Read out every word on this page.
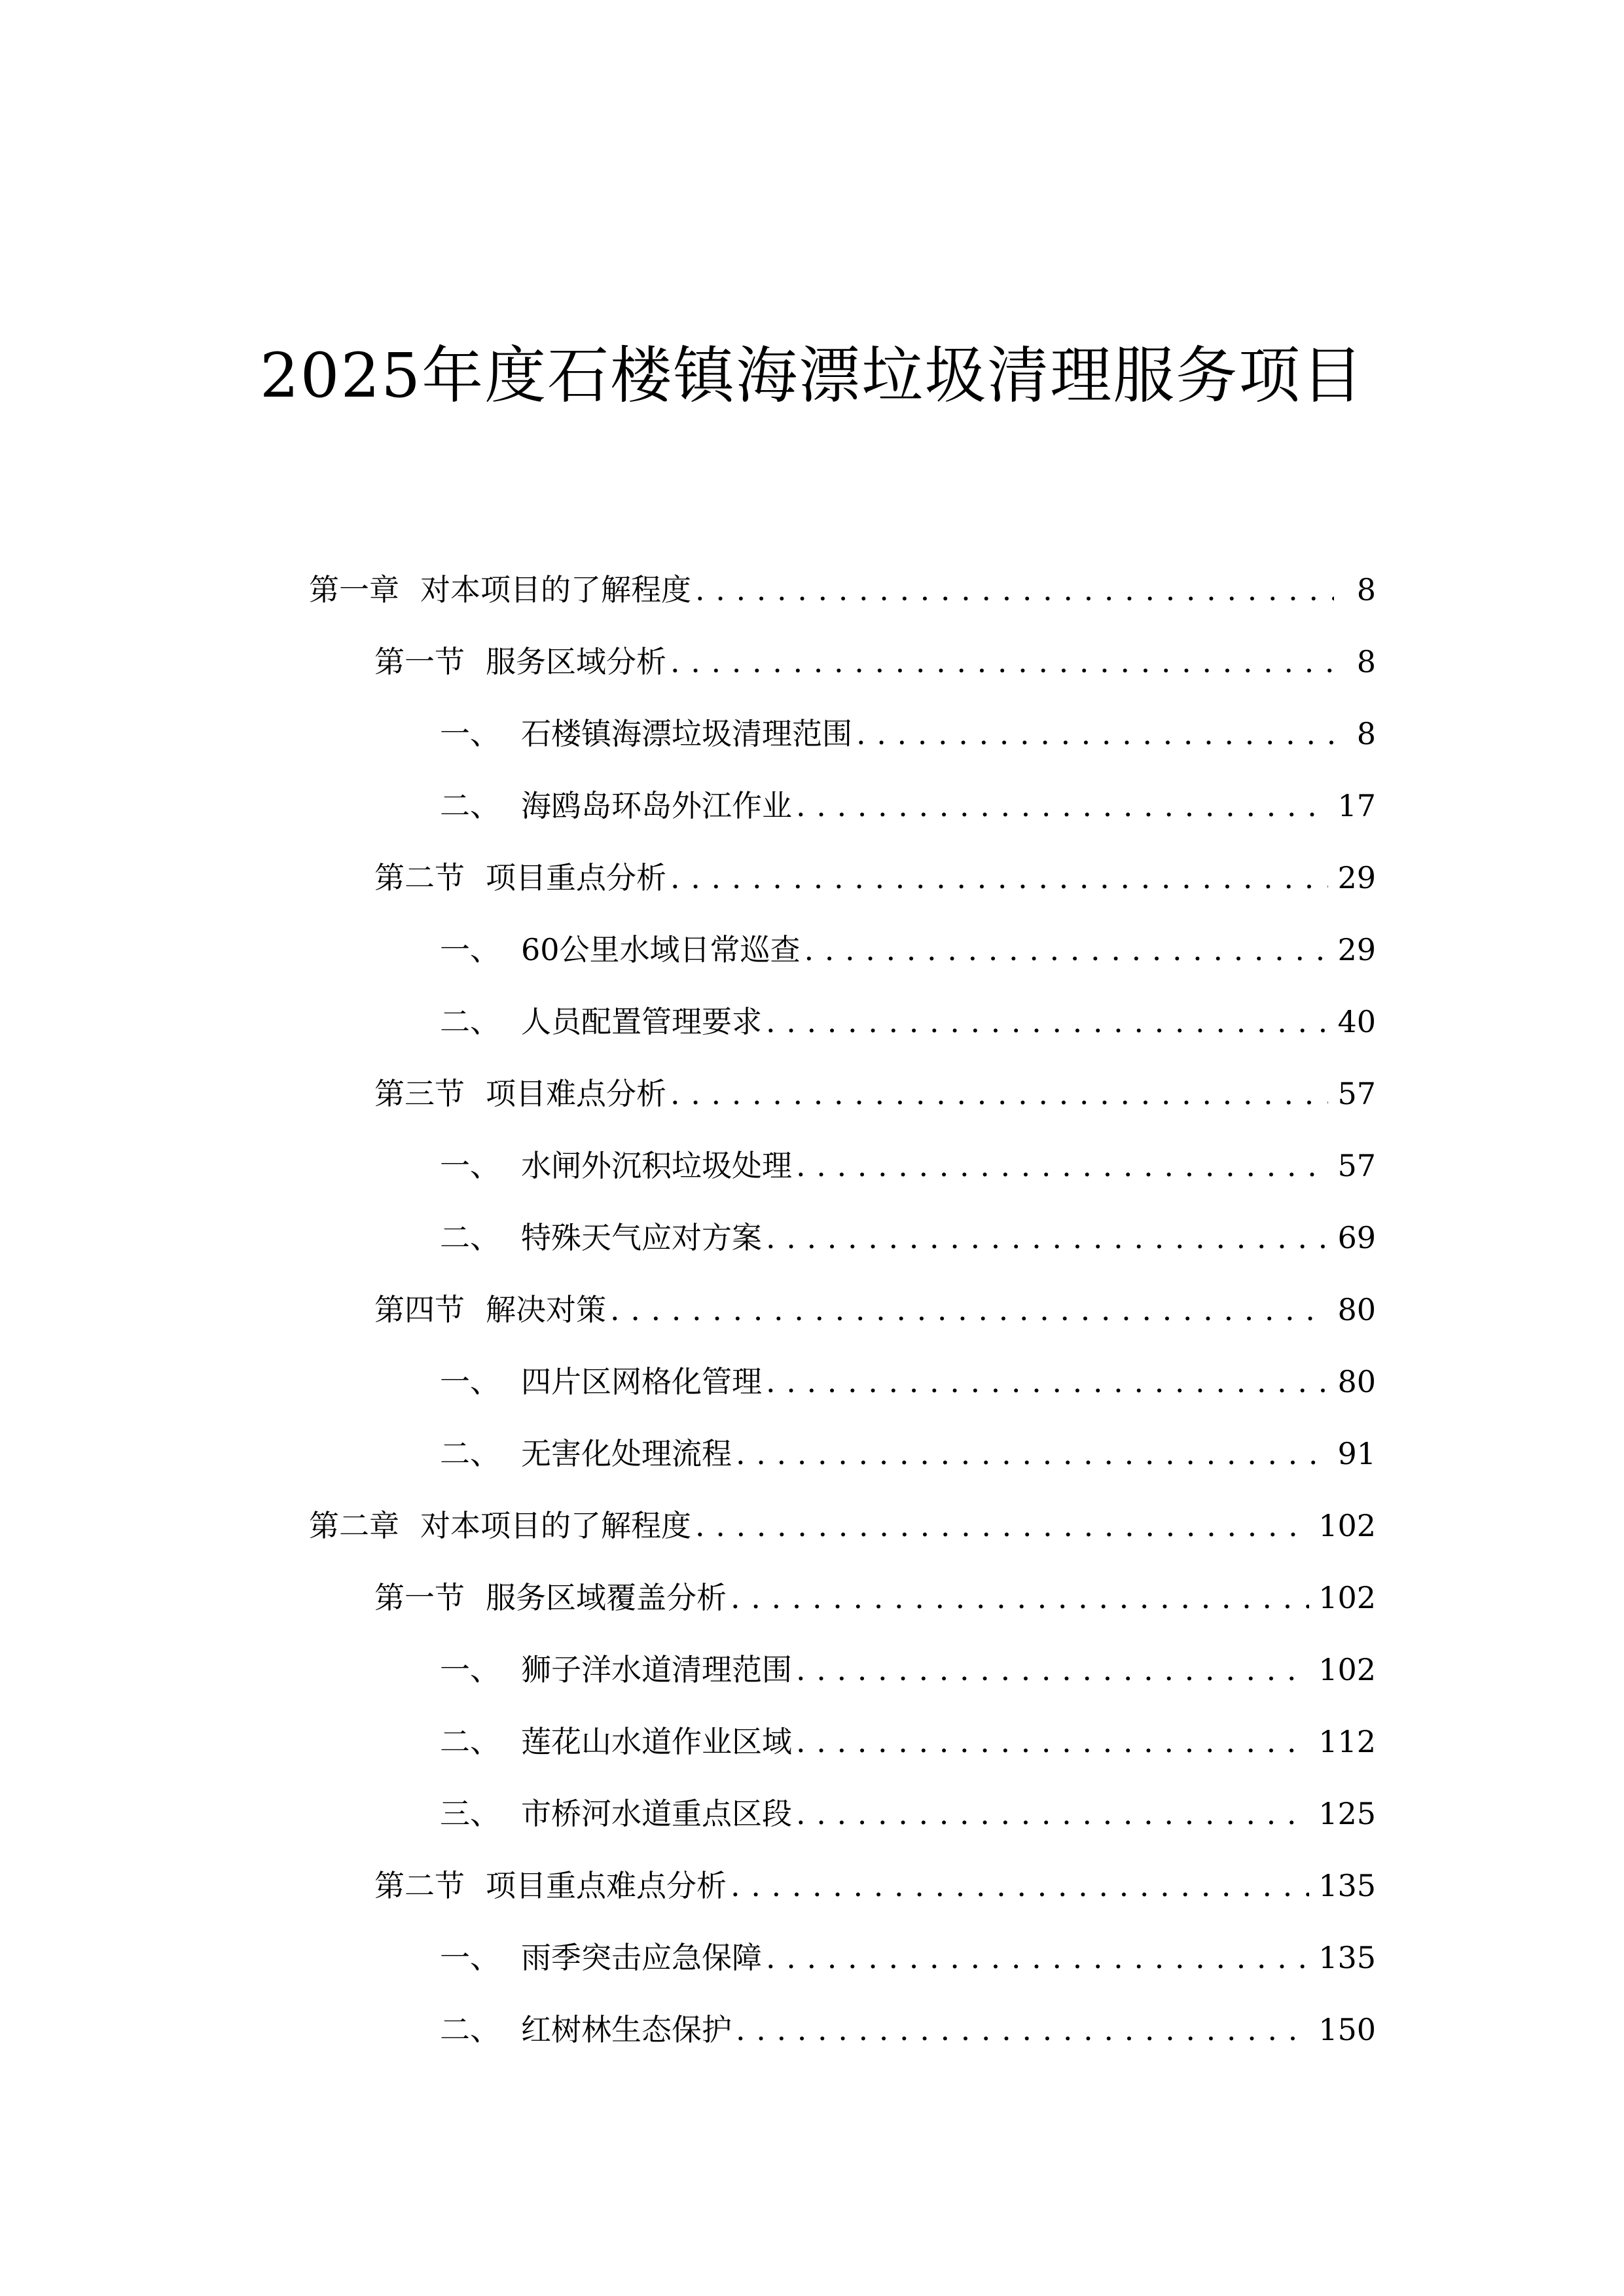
2025年度石楼镇海漂垃圾清理服务项目
第一章 对本项目的了解程度 . . .	8
第一节 服务区域分析 . . .	8
一、 石楼镇海漂垃圾清理范围 . . .	8
二、 海鸥岛环岛外江作业 . . .	17
第二节 项目重点分析 . . .	29
一、 60公里水域日常巡查 . . .	29
二、 人员配置管理要求 . . .	40
第三节 项目难点分析 . . .	57
一、 水闸外沉积垃圾处理 . . .	57
二、 特殊天气应对方案 . . .	69
第四节 解决对策 . . .	80
一、 四片区网格化管理 . . .	80
二、 无害化处理流程 . . .	91
第二章 对本项目的了解程度 . . .	102
第一节 服务区域覆盖分析 . . .	102
一、 狮子洋水道清理范围 . . .	102
二、 莲花山水道作业区域 . . .	112
三、 市桥河水道重点区段 . . .	125
第二节 项目重点难点分析 . . .	135
一、 雨季突击应急保障 . . .	135
二、 红树林生态保护 . . .	150
